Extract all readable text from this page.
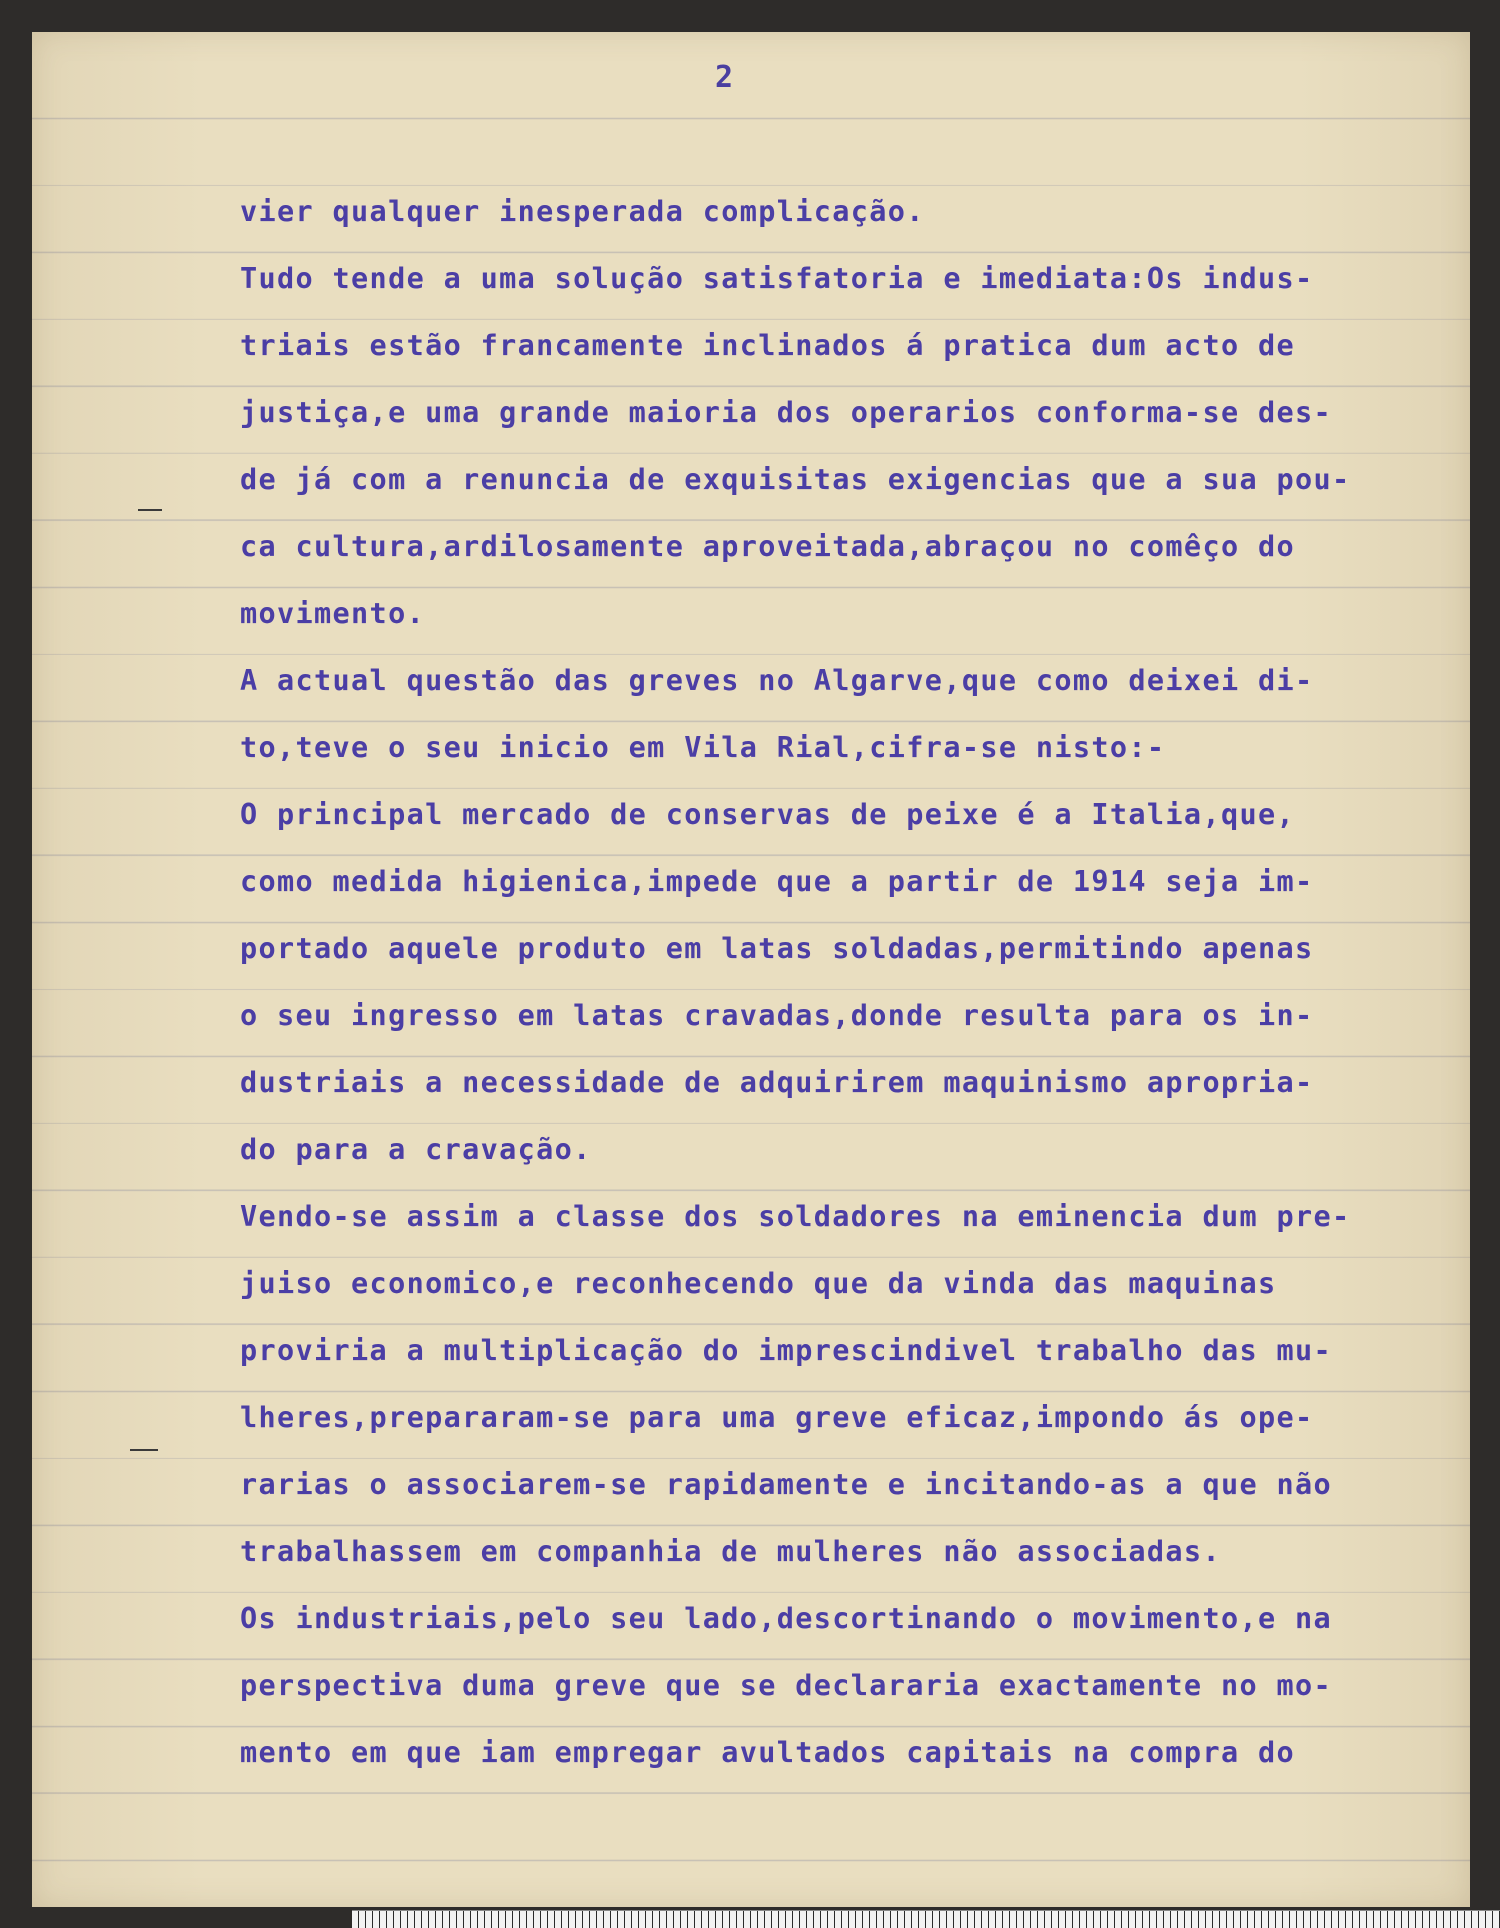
2

vier qualquer inesperada complicação.
Tudo tende a uma solução satisfatoria e imediata:Os indus-
triais estão francamente inclinados á pratica dum acto de
justiça,e uma grande maioria dos operarios conforma-se des-
de já com a renuncia de exquisitas exigencias que a sua pou-
ca cultura,ardilosamente aproveitada,abraçou no comêço do
movimento.
A actual questão das greves no Algarve,que como deixei di-
to,teve o seu inicio em Vila Rial,cifra-se nisto:-
O principal mercado de conservas de peixe é a Italia,que,
como medida higienica,impede que a partir de 1914 seja im-
portado aquele produto em latas soldadas,permitindo apenas
o seu ingresso em latas cravadas,donde resulta para os in-
dustriais a necessidade de adquirirem maquinismo apropria-
do para a cravação.
Vendo-se assim a classe dos soldadores na eminencia dum pre-
juiso economico,e reconhecendo que da vinda das maquinas
proviria a multiplicação do imprescindivel trabalho das mu-
lheres,prepararam-se para uma greve eficaz,impondo ás ope-
rarias o associarem-se rapidamente e incitando-as a que não
trabalhassem em companhia de mulheres não associadas.
Os industriais,pelo seu lado,descortinando o movimento,e na
perspectiva duma greve que se declararia exactamente no mo-
mento em que iam empregar avultados capitais na compra do
